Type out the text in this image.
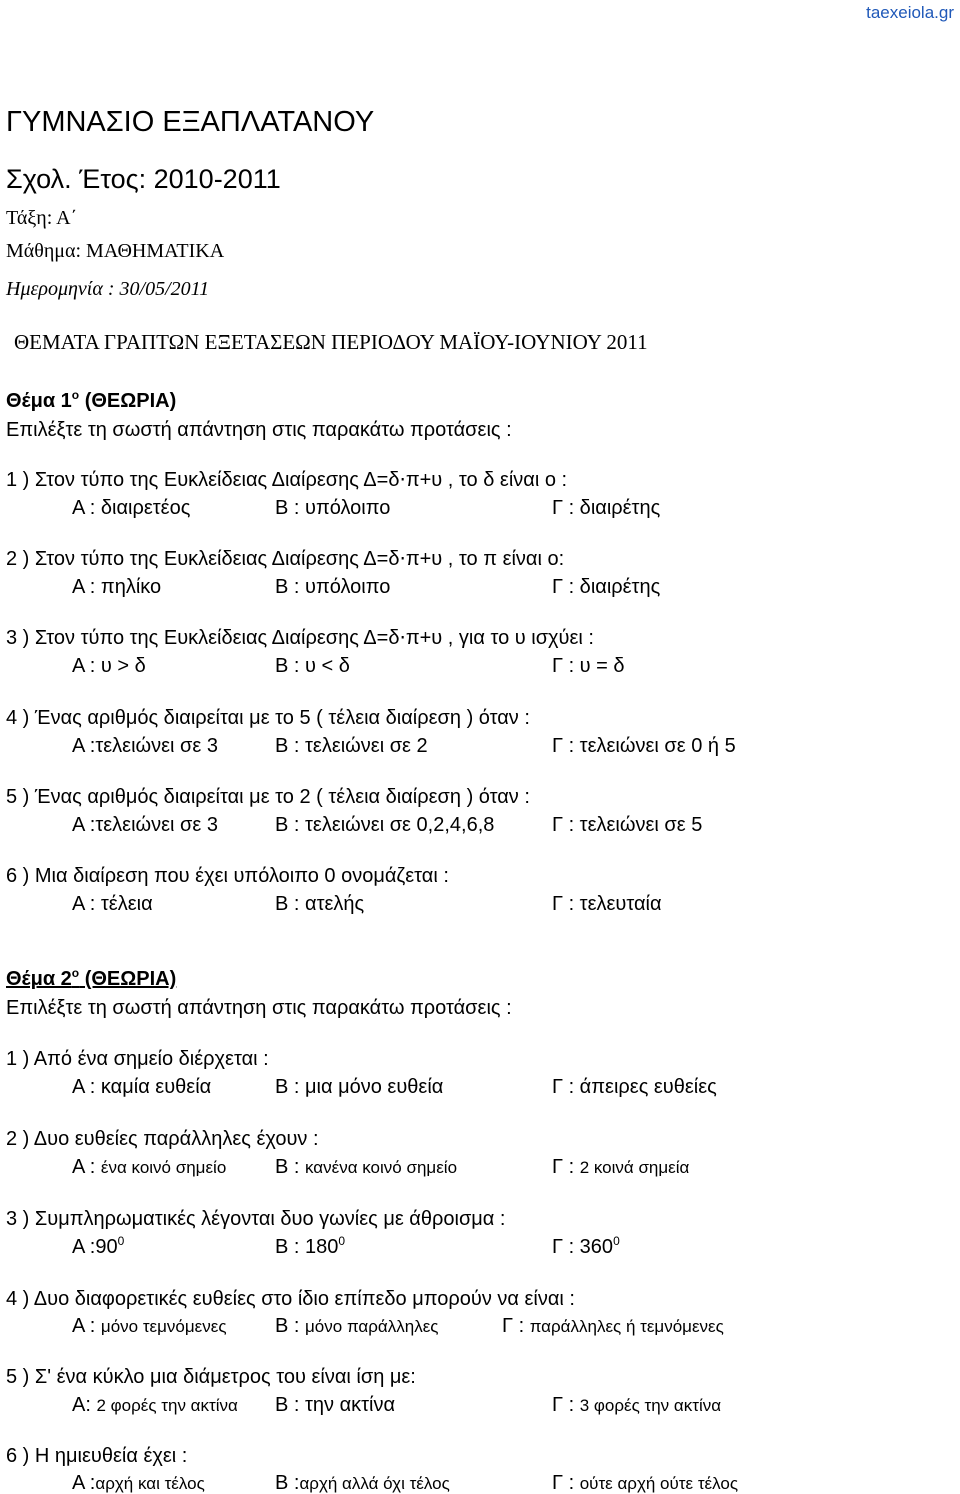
taexeiola.gr
ΓΥΜΝΑΣΙΟ ΕΞΑΠΛΑΤΑΝΟΥ
Σχολ. Έτος: 2010-2011
Τάξη: Α΄
Μάθημα: ΜΑΘΗΜΑΤΙΚΑ
Ημερομηνία : 30/05/2011
ΘΕΜΑΤΑ ΓΡΑΠΤΩΝ ΕΞΕΤΑΣΕΩΝ ΠΕΡΙΟΔΟΥ ΜΑΪΟΥ-ΙΟΥΝΙΟΥ 2011
Θέμα $1^o$ (ΘΕΩΡΙΑ)
Επιλέξτε τη σωστή απάντηση στις παρακάτω προτάσεις :
1 ) Στον τύπο της Ευκλείδειας Διαίρεσης Δ=δ⋅π+υ , το δ είναι ο :
Α : διαιρετέος	Β : υπόλοιπο	Γ : διαιρέτης
2 ) Στον τύπο της Ευκλείδειας Διαίρεσης Δ=δ⋅π+υ , το π είναι ο:
Α : πηλίκο	Β : υπόλοιπο	Γ : διαιρέτης
3 ) Στον τύπο της Ευκλείδειας Διαίρεσης Δ=δ⋅π+υ , για το υ ισχύει :
Α : υ > δ	Β : υ < δ	Γ : υ = δ
4 ) Ένας αριθμός διαιρείται με το 5 ( τέλεια διαίρεση ) όταν :
Α :τελειώνει σε 3	Β : τελειώνει σε 2	Γ : τελειώνει σε 0 ή 5
5 ) Ένας αριθμός διαιρείται με το 2 ( τέλεια διαίρεση ) όταν :
Α :τελειώνει σε 3	Β : τελειώνει σε 0,2,4,6,8	Γ : τελειώνει σε 5
6 ) Μια διαίρεση που έχει υπόλοιπο 0 ονομάζεται :
Α : τέλεια	Β : ατελής	Γ : τελευταία
Θέμα $2^o$ (ΘΕΩΡΙΑ)
Επιλέξτε τη σωστή απάντηση στις παρακάτω προτάσεις :
1 ) Από ένα σημείο διέρχεται :
Α : καμία ευθεία	Β : μια μόνο ευθεία	Γ : άπειρες ευθείες
2 ) Δυο ευθείες παράλληλες έχουν :
Α : ένα κοινό σημείο Β : κανένα κοινό σημείο	Γ : 2 κοινά σημεία
3 ) Συμπληρωματικές λέγονται δυο γωνίες με άθροισμα :
Α $:90^0$	Β : $180^0$	Γ : $360^0$
4 ) Δυο διαφορετικές ευθείες στο ίδιο επίπεδο μπορούν να είναι :
Α : μόνο τεμνόμενες Β : μόνο παράλληλες	Γ : παράλληλες ή τεμνόμενες
5 ) Σ' ένα κύκλο μια διάμετρος του είναι ίση με:
Α: 2 φορές την ακτίνα Β : την ακτίνα	Γ : 3 φορές την ακτίνα
6 ) Η ημιευθεία έχει :
Α :αρχή και τέλος	Β :αρχή αλλά όχι τέλος	Γ : ούτε αρχή ούτε τέλος
